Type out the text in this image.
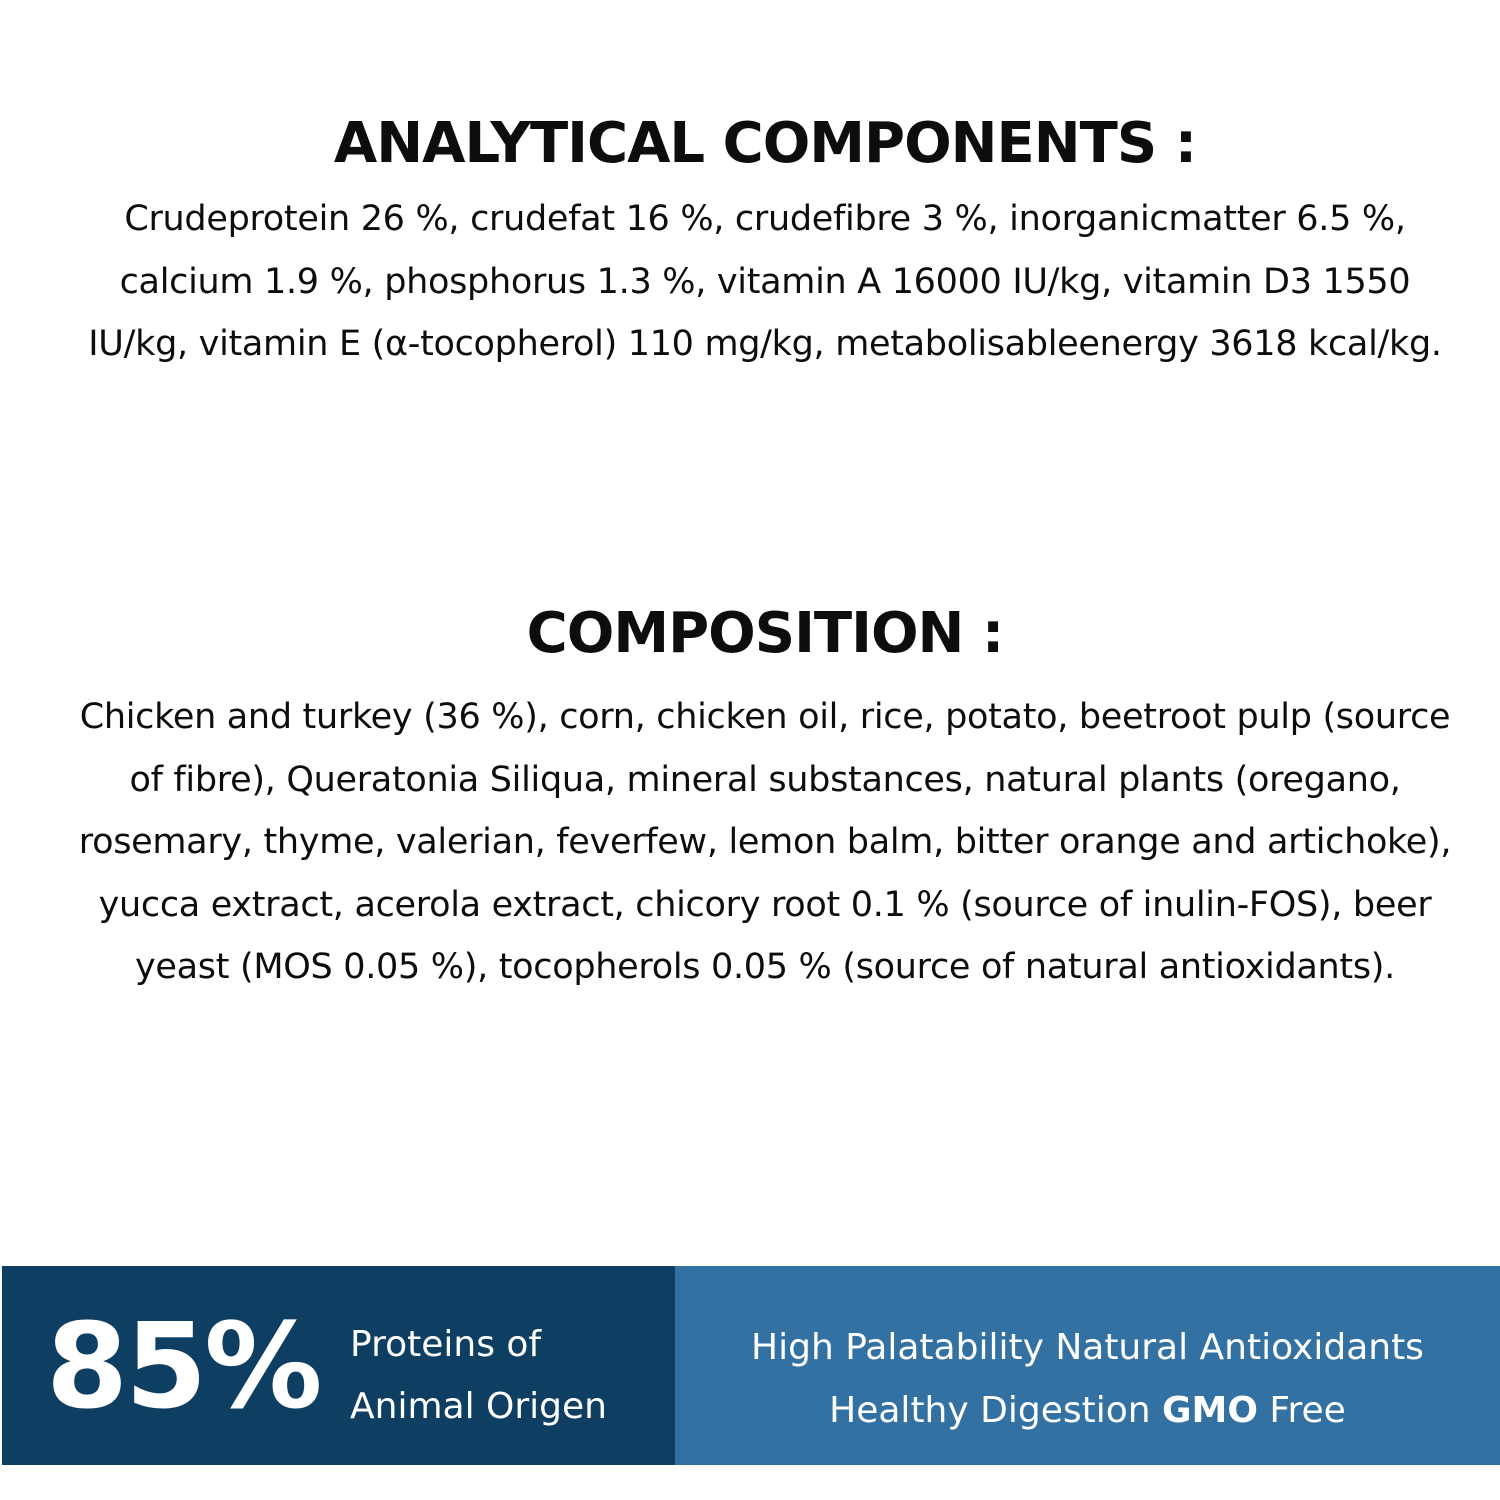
ANALYTICAL COMPONENTS :

Crudeprotein 26 %, crudefat 16 %, crudefibre 3 %, inorganicmatter 6.5 %, calcium 1.9 %, phosphorus 1.3 %, vitamin A 16000 IU/kg, vitamin D3 1550 IU/kg, vitamin E (α-tocopherol) 110 mg/kg, metabolisableenergy 3618 kcal/kg.

COMPOSITION :

Chicken and turkey (36 %), corn, chicken oil, rice, potato, beetroot pulp (source of fibre), Queratonia Siliqua, mineral substances, natural plants (oregano, rosemary, thyme, valerian, feverfew, lemon balm, bitter orange and artichoke), yucca extract, acerola extract, chicory root 0.1 % (source of inulin-FOS), beer yeast (MOS 0.05 %), tocopherols 0.05 % (source of natural antioxidants).

85% Proteins of
Animal Origen
High Palatability Natural Antioxidants
Healthy Digestion GMO Free
